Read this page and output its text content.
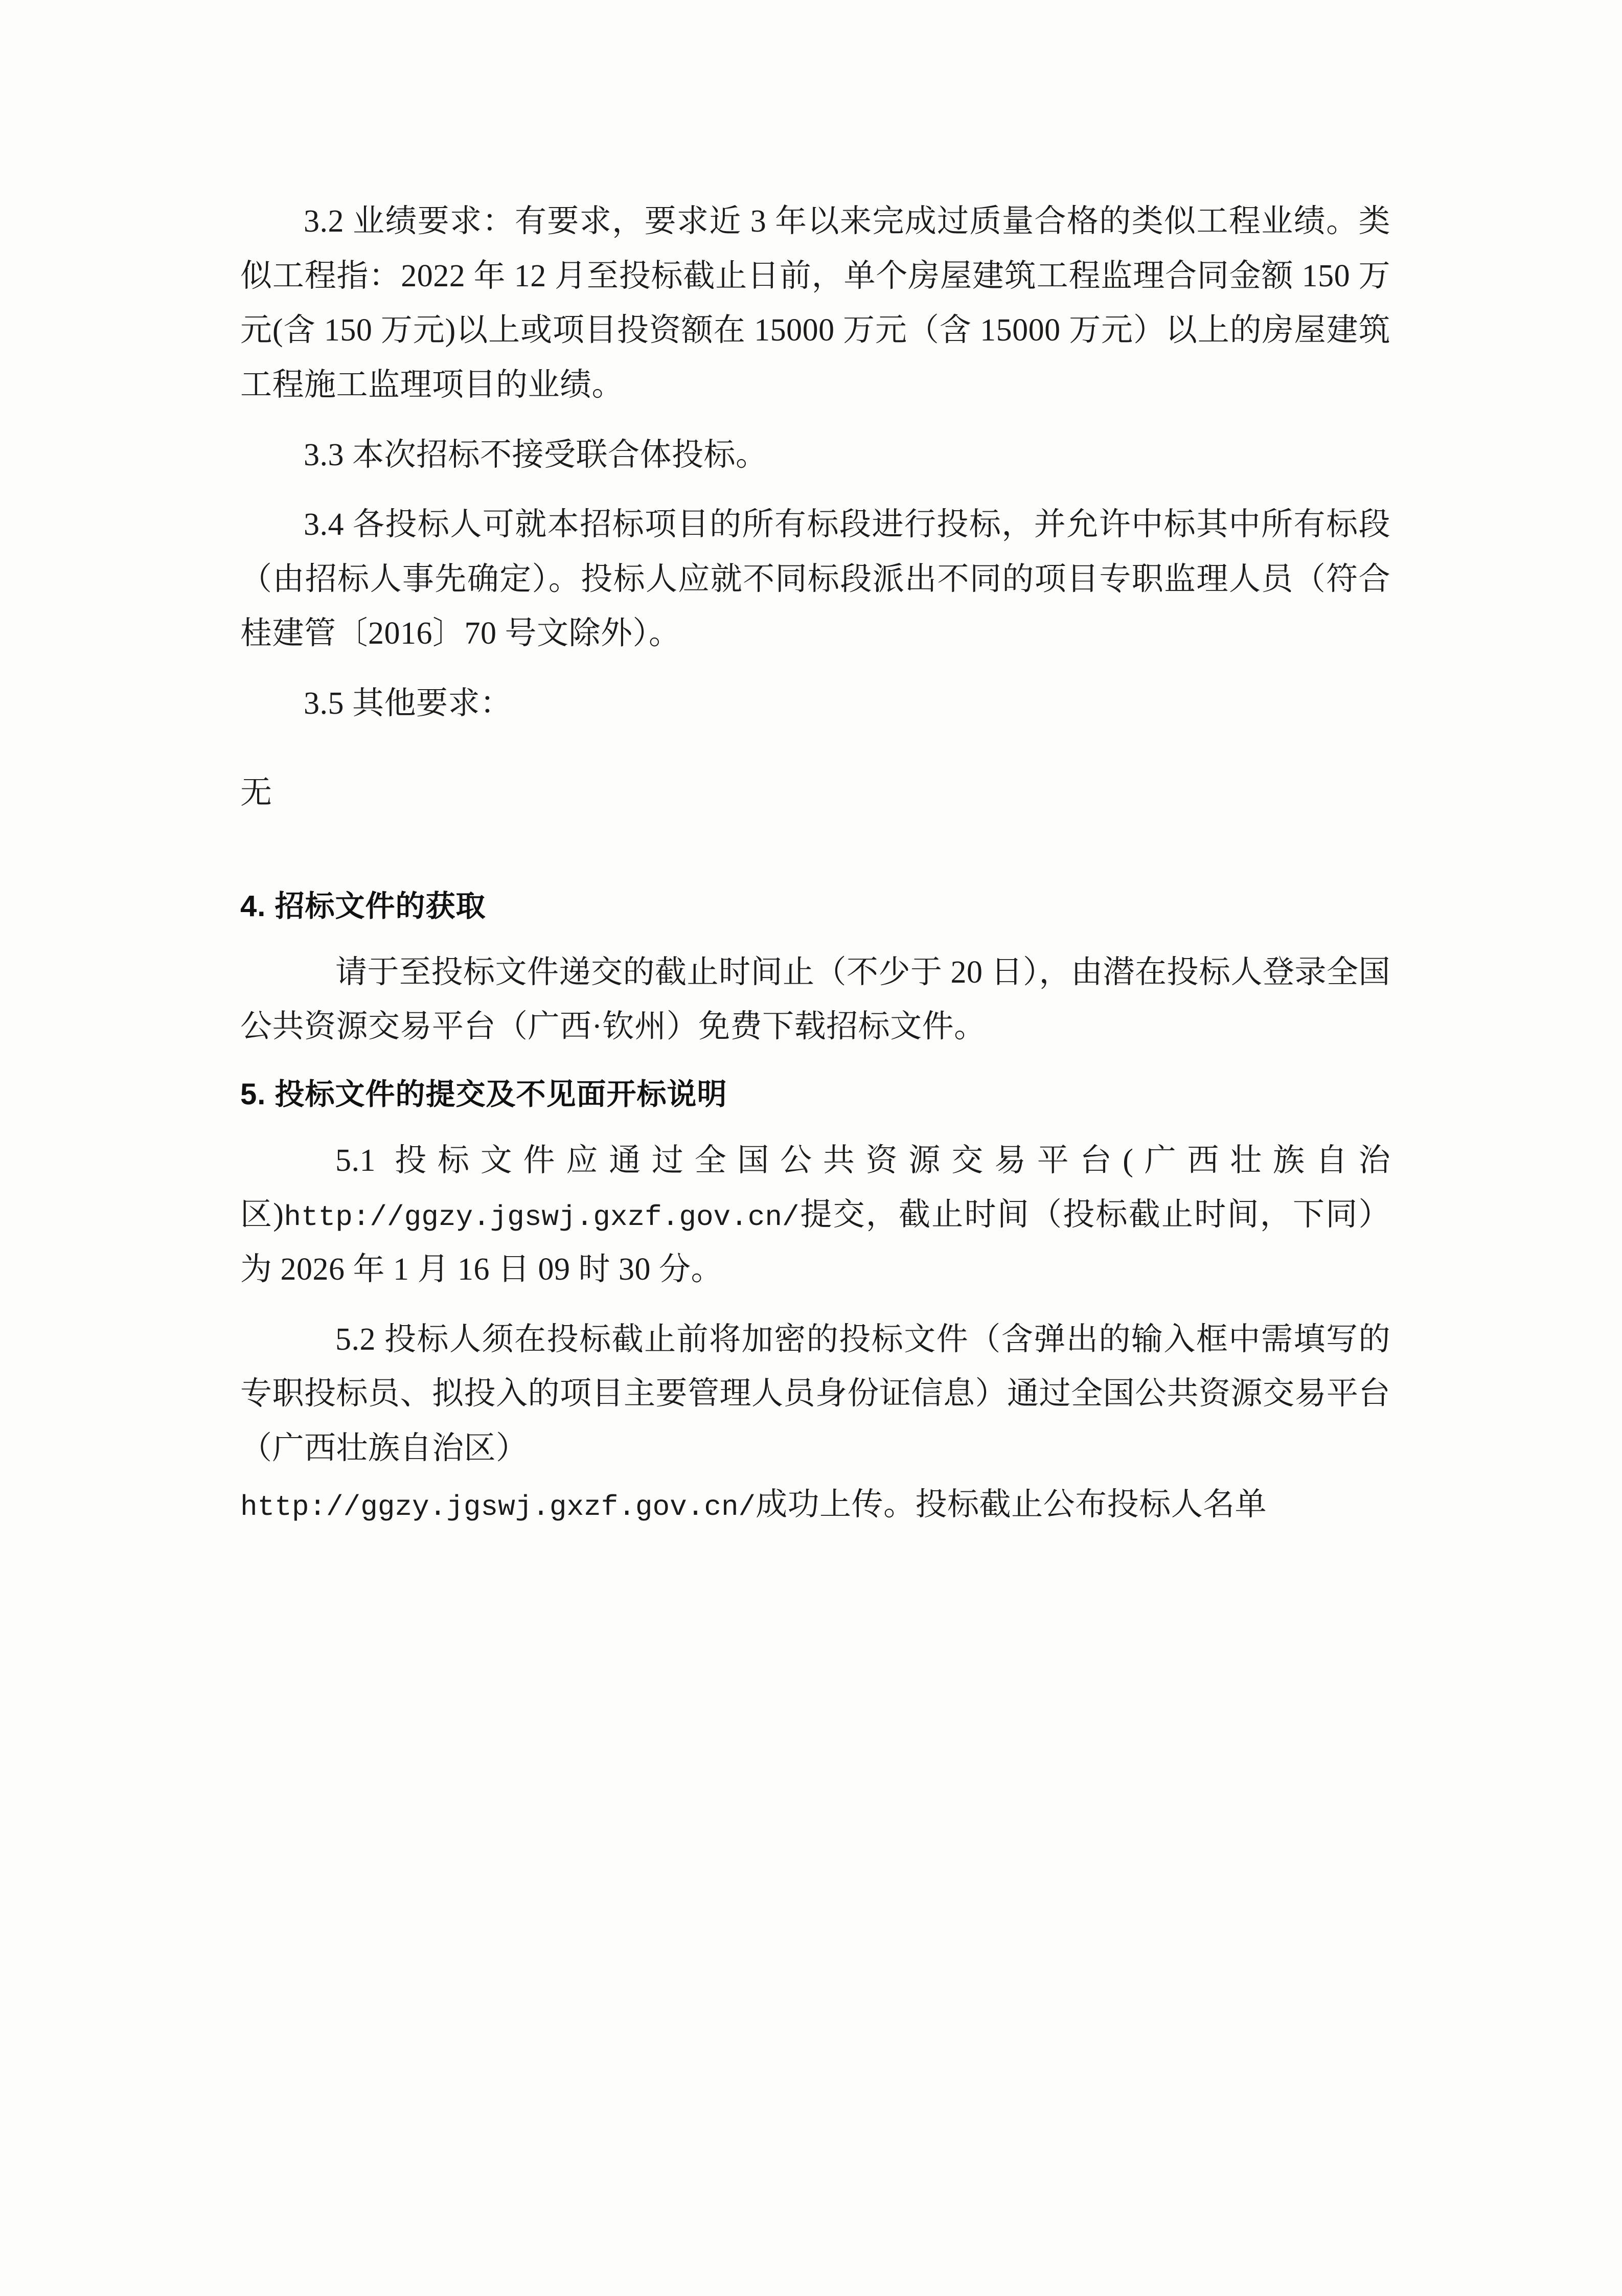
3.2 业绩要求：有要求，要求近 3 年以来完成过质量合格的类似工程业绩。类似工程指：2022 年 12 月至投标截止日前，单个房屋建筑工程监理合同金额 150 万元(含 150 万元)以上或项目投资额在 15000 万元（含 15000 万元）以上的房屋建筑工程施工监理项目的业绩。

3.3 本次招标不接受联合体投标。

3.4 各投标人可就本招标项目的所有标段进行投标，并允许中标其中所有标段（由招标人事先确定）。投标人应就不同标段派出不同的项目专职监理人员（符合桂建管〔2016〕70 号文除外）。

3.5 其他要求：

无

4. 招标文件的获取

请于至投标文件递交的截止时间止（不少于 20 日），由潜在投标人登录全国公共资源交易平台（广西·钦州）免费下载招标文件。

5. 投标文件的提交及不见面开标说明

5.1 投标文件应通过全国公共资源交易平台(广西壮族自治区)http://ggzy.jgswj.gxzf.gov.cn/提交，截止时间（投标截止时间，下同）为 2026 年 1 月 16 日 09 时 30 分。

5.2 投标人须在投标截止前将加密的投标文件（含弹出的输入框中需填写的专职投标员、拟投入的项目主要管理人员身份证信息）通过全国公共资源交易平台（广西壮族自治区）

http://ggzy.jgswj.gxzf.gov.cn/成功上传。投标截止公布投标人名单
